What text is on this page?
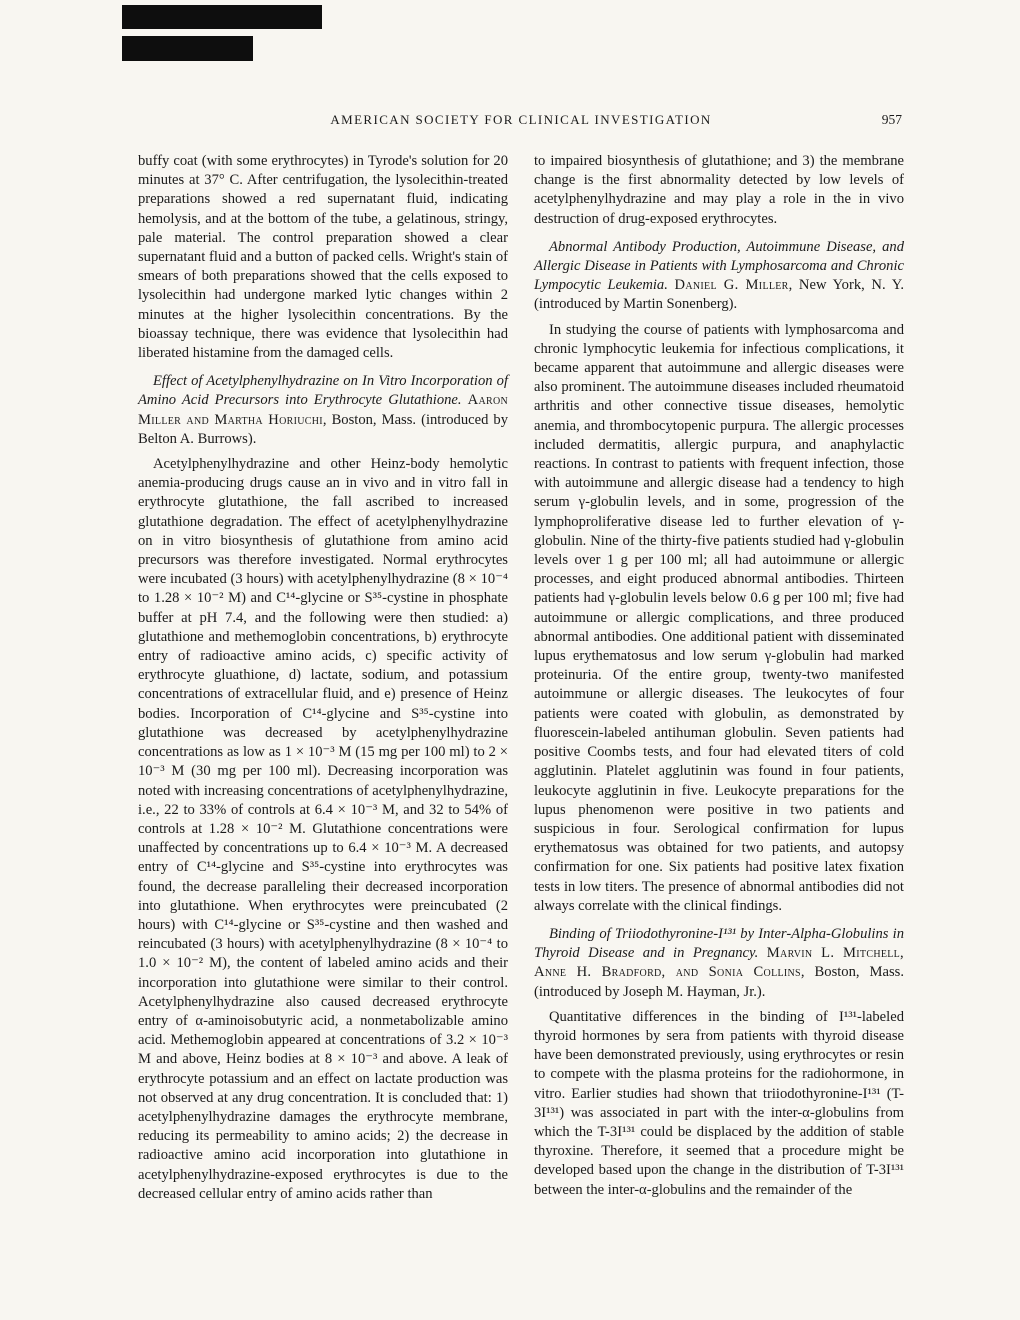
AMERICAN SOCIETY FOR CLINICAL INVESTIGATION	957

buffy coat (with some erythrocytes) in Tyrode's solution for 20 minutes at 37° C. After centrifugation, the lysolecithin-treated preparations showed a red supernatant fluid, indicating hemolysis, and at the bottom of the tube, a gelatinous, stringy, pale material. The control preparation showed a clear supernatant fluid and a button of packed cells. Wright's stain of smears of both preparations showed that the cells exposed to lysolecithin had undergone marked lytic changes within 2 minutes at the higher lysolecithin concentrations. By the bioassay technique, there was evidence that lysolecithin had liberated histamine from the damaged cells.

Effect of Acetylphenylhydrazine on In Vitro Incorporation of Amino Acid Precursors into Erythrocyte Glutathione. Aaron Miller and Martha Horiuchi, Boston, Mass. (introduced by Belton A. Burrows).

Acetylphenylhydrazine and other Heinz-body hemolytic anemia-producing drugs cause an in vivo and in vitro fall in erythrocyte glutathione, the fall ascribed to increased glutathione degradation. The effect of acetylphenylhydrazine on in vitro biosynthesis of glutathione from amino acid precursors was therefore investigated. Normal erythrocytes were incubated (3 hours) with acetylphenylhydrazine (8 × 10⁻⁴ to 1.28 × 10⁻² M) and C¹⁴-glycine or S³⁵-cystine in phosphate buffer at pH 7.4, and the following were then studied: a) glutathione and methemoglobin concentrations, b) erythrocyte entry of radioactive amino acids, c) specific activity of erythrocyte gluathione, d) lactate, sodium, and potassium concentrations of extracellular fluid, and e) presence of Heinz bodies. Incorporation of C¹⁴-glycine and S³⁵-cystine into glutathione was decreased by acetylphenylhydrazine concentrations as low as 1 × 10⁻³ M (15 mg per 100 ml) to 2 × 10⁻³ M (30 mg per 100 ml). Decreasing incorporation was noted with increasing concentrations of acetylphenylhydrazine, i.e., 22 to 33% of controls at 6.4 × 10⁻³ M, and 32 to 54% of controls at 1.28 × 10⁻² M. Glutathione concentrations were unaffected by concentrations up to 6.4 × 10⁻³ M. A decreased entry of C¹⁴-glycine and S³⁵-cystine into erythrocytes was found, the decrease paralleling their decreased incorporation into glutathione. When erythrocytes were preincubated (2 hours) with C¹⁴-glycine or S³⁵-cystine and then washed and reincubated (3 hours) with acetylphenylhydrazine (8 × 10⁻⁴ to 1.0 × 10⁻² M), the content of labeled amino acids and their incorporation into glutathione were similar to their control. Acetylphenylhydrazine also caused decreased erythrocyte entry of α-aminoisobutyric acid, a nonmetabolizable amino acid. Methemoglobin appeared at concentrations of 3.2 × 10⁻³ M and above, Heinz bodies at 8 × 10⁻³ and above. A leak of erythrocyte potassium and an effect on lactate production was not observed at any drug concentration. It is concluded that: 1) acetylphenylhydrazine damages the erythrocyte membrane, reducing its permeability to amino acids; 2) the decrease in radioactive amino acid incorporation into glutathione in acetylphenylhydrazine-exposed erythrocytes is due to the decreased cellular entry of amino acids rather than

to impaired biosynthesis of glutathione; and 3) the membrane change is the first abnormality detected by low levels of acetylphenylhydrazine and may play a role in the in vivo destruction of drug-exposed erythrocytes.

Abnormal Antibody Production, Autoimmune Disease, and Allergic Disease in Patients with Lymphosarcoma and Chronic Lympocytic Leukemia. Daniel G. Miller, New York, N. Y. (introduced by Martin Sonenberg).

In studying the course of patients with lymphosarcoma and chronic lymphocytic leukemia for infectious complications, it became apparent that autoimmune and allergic diseases were also prominent. The autoimmune diseases included rheumatoid arthritis and other connective tissue diseases, hemolytic anemia, and thrombocytopenic purpura. The allergic processes included dermatitis, allergic purpura, and anaphylactic reactions. In contrast to patients with frequent infection, those with autoimmune and allergic disease had a tendency to high serum γ-globulin levels, and in some, progression of the lymphoproliferative disease led to further elevation of γ-globulin. Nine of the thirty-five patients studied had γ-globulin levels over 1 g per 100 ml; all had autoimmune or allergic processes, and eight produced abnormal antibodies. Thirteen patients had γ-globulin levels below 0.6 g per 100 ml; five had autoimmune or allergic complications, and three produced abnormal antibodies. One additional patient with disseminated lupus erythematosus and low serum γ-globulin had marked proteinuria. Of the entire group, twenty-two manifested autoimmune or allergic diseases. The leukocytes of four patients were coated with globulin, as demonstrated by fluorescein-labeled antihuman globulin. Seven patients had positive Coombs tests, and four had elevated titers of cold agglutinin. Platelet agglutinin was found in four patients, leukocyte agglutinin in five. Leukocyte preparations for the lupus phenomenon were positive in two patients and suspicious in four. Serological confirmation for lupus erythematosus was obtained for two patients, and autopsy confirmation for one. Six patients had positive latex fixation tests in low titers. The presence of abnormal antibodies did not always correlate with the clinical findings.

Binding of Triiodothyronine-I¹³¹ by Inter-Alpha-Globulins in Thyroid Disease and in Pregnancy. Marvin L. Mitchell, Anne H. Bradford, and Sonia Collins, Boston, Mass. (introduced by Joseph M. Hayman, Jr.).

Quantitative differences in the binding of I¹³¹-labeled thyroid hormones by sera from patients with thyroid disease have been demonstrated previously, using erythrocytes or resin to compete with the plasma proteins for the radiohormone, in vitro. Earlier studies had shown that triiodothyronine-I¹³¹ (T-3I¹³¹) was associated in part with the inter-α-globulins from which the T-3I¹³¹ could be displaced by the addition of stable thyroxine. Therefore, it seemed that a procedure might be developed based upon the change in the distribution of T-3I¹³¹ between the inter-α-globulins and the remainder of the
